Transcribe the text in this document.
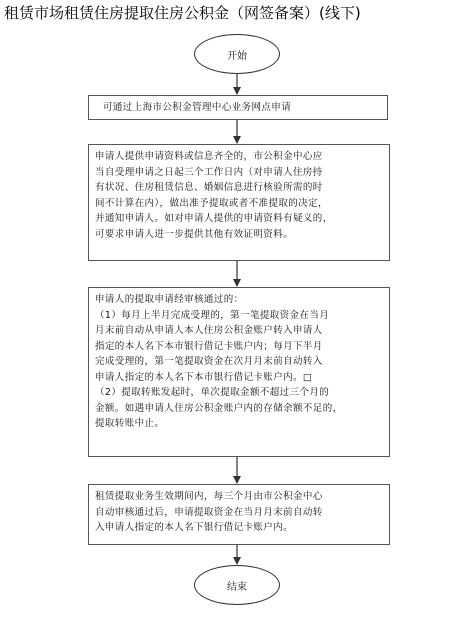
租赁市场租赁住房提取住房公积金（网签备案）(线下)
开始
可通过上海市公积金管理中心业务网点申请

申请人提供申请资料或信息齐全的，市公积金中心应

当自受理申请之日起三个工作日内（对申请人住房持

有状况、住房租赁信息、婚姻信息进行核验所需的时

间不计算在内），做出准予提取或者不准提取的决定，

并通知申请人。如对申请人提供的申请资料有疑义的，

可要求申请人进一步提供其他有效证明资料。

申请人的提取申请经审核通过的：

（1）每月上半月完成受理的，第一笔提取资金在当月

月末前自动从申请人本人住房公积金账户转入申请人

指定的本人名下本市银行借记卡账户内；每月下半月

完成受理的，第一笔提取资金在次月月末前自动转入

申请人指定的本人名下本市银行借记卡账户内。□

（2）提取转账发起时，单次提取金额不超过三个月的

金额。如遇申请人住房公积金账户内的存储余额不足的，

提取转账中止。

租赁提取业务生效期间内，每三个月由市公积金中心

自动审核通过后，申请提取资金在当月月末前自动转

入申请人指定的本人名下银行借记卡账户内。

结束
